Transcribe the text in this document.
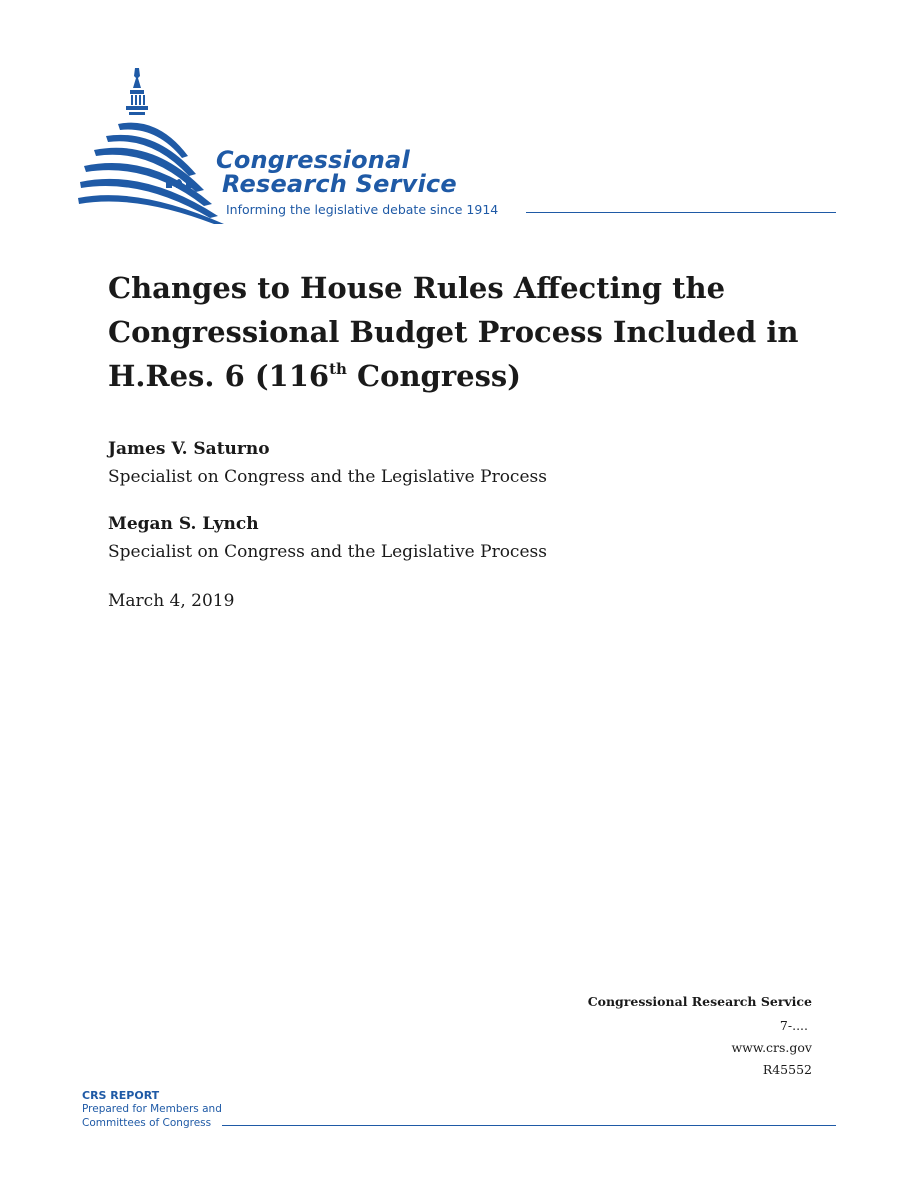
Congressional
Research Service
Informing the legislative debate since 1914
Changes to House Rules Affecting the Congressional Budget Process Included in H.Res. 6 (116th Congress)
James V. Saturno
Specialist on Congress and the Legislative Process
Megan S. Lynch
Specialist on Congress and the Legislative Process
March 4, 2019
Congressional Research Service
7-....
www.crs.gov
R45552
CRS REPORT
Prepared for Members and
Committees of Congress
